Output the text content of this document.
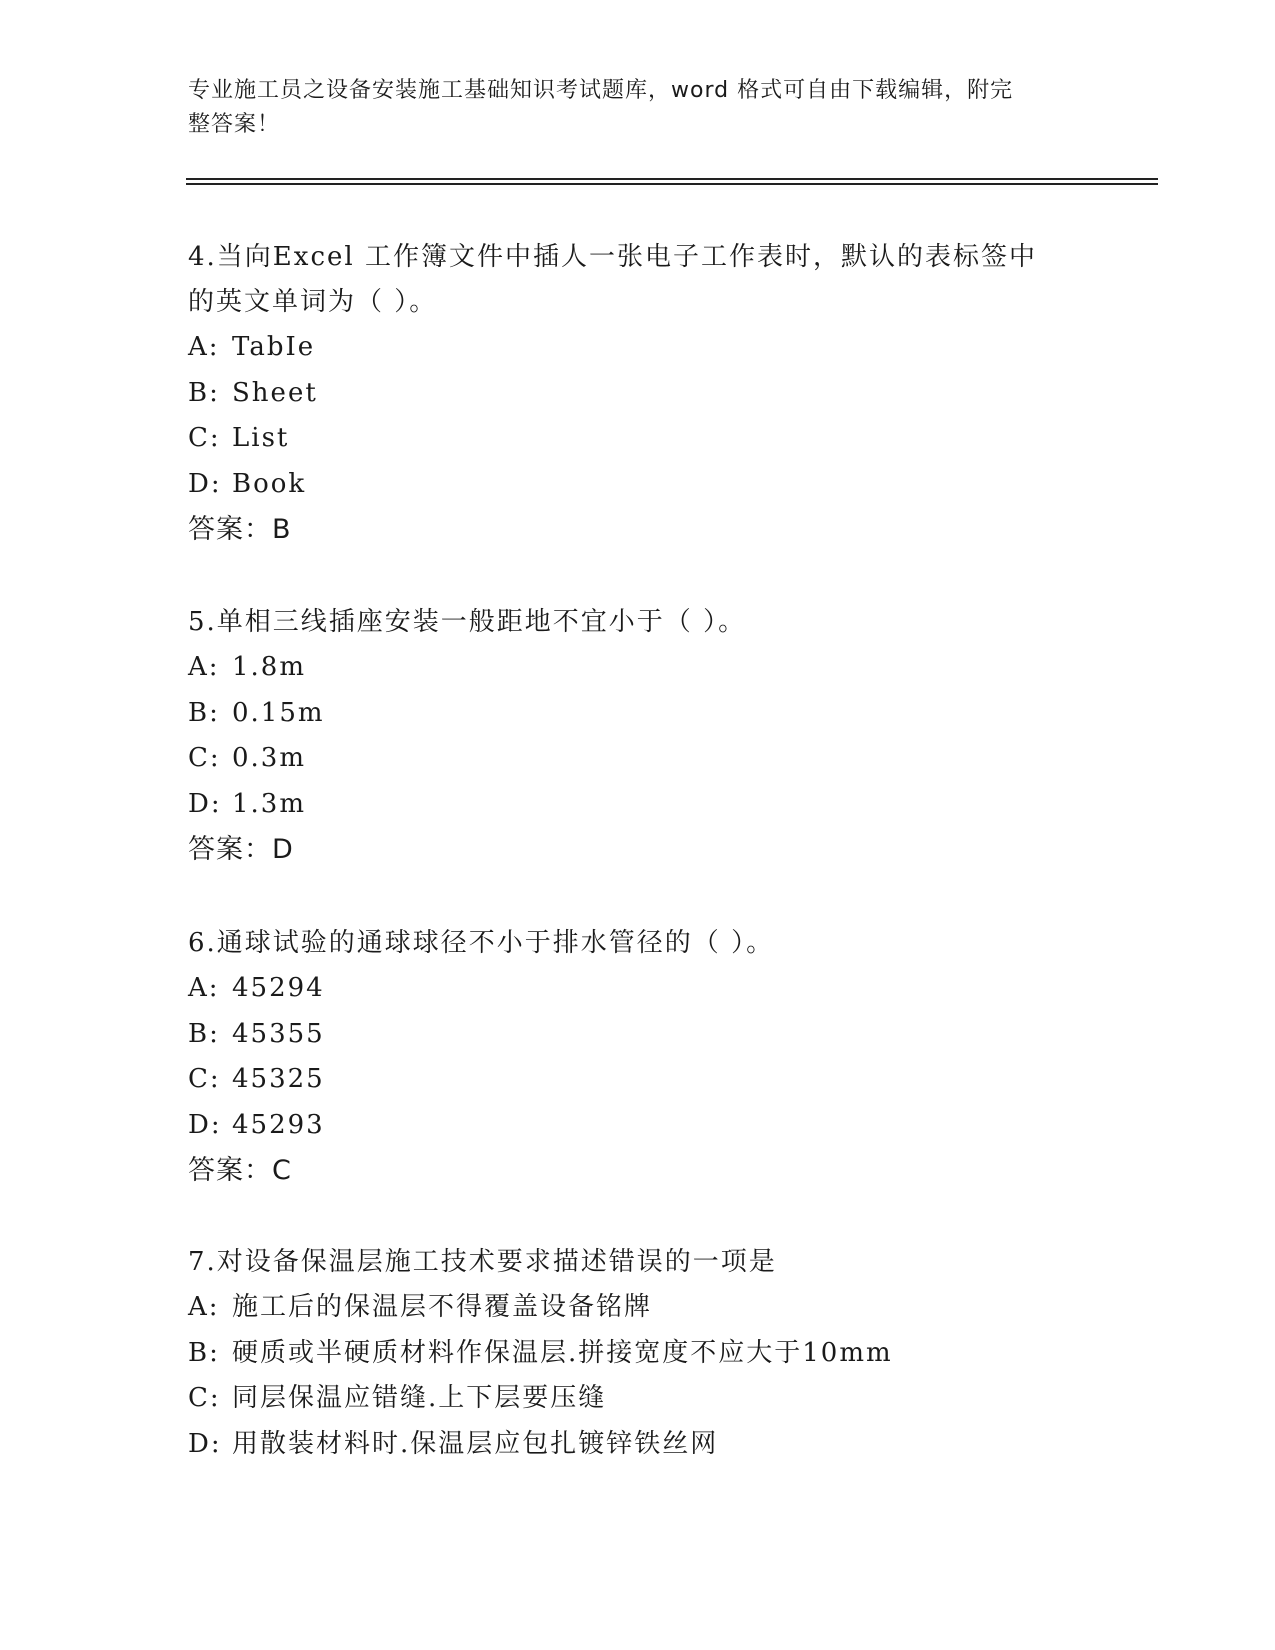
专业施工员之设备安装施工基础知识考试题库，word 格式可自由下载编辑，附完
整答案！

4.当向Excel 工作簿文件中插人一张电子工作表时，默认的表标签中

的英文单词为（ ）。

A: TabIe

B: Sheet

C: List

D: Book

答案：B

5.单相三线插座安装一般距地不宜小于（ ）。

A: 1.8m

B: 0.15m

C: 0.3m

D: 1.3m

答案：D

6.通球试验的通球球径不小于排水管径的（ ）。

A: 45294

B: 45355

C: 45325

D: 45293

答案：C

7.对设备保温层施工技术要求描述错误的一项是

A: 施工后的保温层不得覆盖设备铭牌

B: 硬质或半硬质材料作保温层.拼接宽度不应大于10mm

C: 同层保温应错缝.上下层要压缝

D: 用散装材料时.保温层应包扎镀锌铁丝网
